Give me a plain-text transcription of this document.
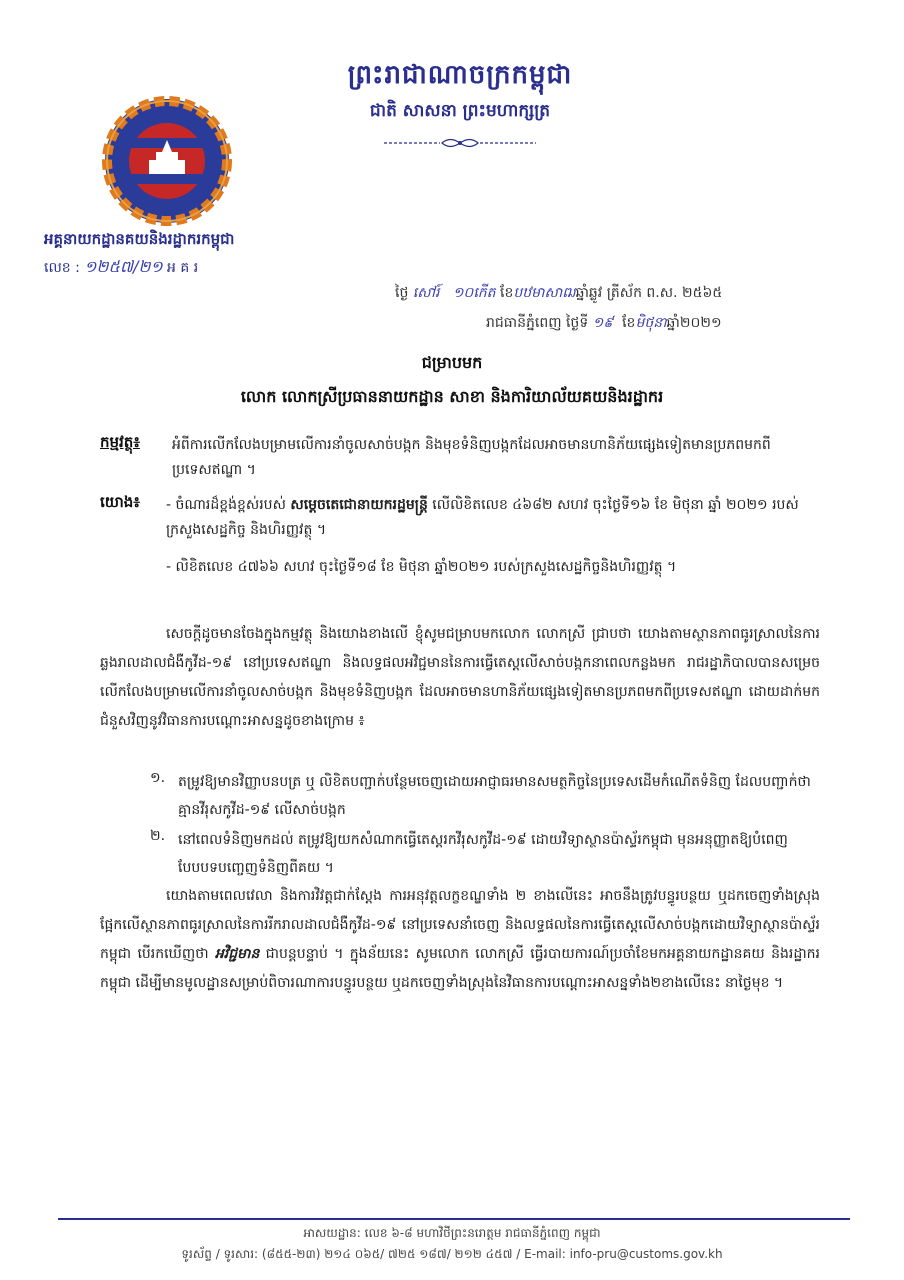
ព្រះរាជាណាចក្រកម្ពុជា
ជាតិ សាសនា ព្រះមហាក្សត្រ
អគ្គនាយកដ្ឋានគយនិងរដ្ឋាករកម្ពុជា
លេខ : ១២៥៧/២១ អ គ រ
ថ្ងៃ សៅរ៍ ១០កើត ខែបឋមាសាឍឆ្នាំឆ្លូវ ត្រីស័ក ព.ស. ២៥៦៥
រាជធានីភ្នំពេញ ថ្ងៃទី ១៩ ខែមិថុនាឆ្នាំ២០២១
ជម្រាបមក
លោក លោកស្រីប្រធាននាយកដ្ឋាន សាខា និងការិយាល័យគយនិងរដ្ឋាករ
កម្មវត្ថុ៖ អំពីការលើកលែងបម្រាមលើការនាំចូលសាច់បង្កក និងមុខទំនិញបង្កកដែលអាចមានហានិភ័យផ្សេងទៀតមានប្រភពមកពីប្រទេសឥណ្ឌា ។
យោង៖ - ចំណារដ៏ខ្ពង់ខ្ពស់របស់ សម្តេចតេជោនាយករដ្ឋមន្ត្រី លើលិខិតលេខ ៤៦៨២ សហវ ចុះថ្ងៃទី១៦ ខែ មិថុនា ឆ្នាំ ២០២១ របស់ក្រសួងសេដ្ឋកិច្ច និងហិរញ្ញវត្ថុ ។
- លិខិតលេខ ៤៧៦៦ សហវ ចុះថ្ងៃទី១៨ ខែ មិថុនា ឆ្នាំ២០២១ របស់ក្រសួងសេដ្ឋកិច្ចនិងហិរញ្ញវត្ថុ ។
សេចក្តីដូចមានចែងក្នុងកម្មវត្ថុ និងយោងខាងលើ ខ្ញុំសូមជម្រាបមកលោក លោកស្រី ជ្រាបថា យោងតាមស្ថានភាពធូរស្រាលនៃការឆ្លងរាលដាលជំងឺកូវីដ-១៩ នៅប្រទេសឥណ្ឌា និងលទ្ធផលអវិជ្ជមាននៃការធ្វើតេស្តលើសាច់បង្កកនាពេលកន្លងមក រាជរដ្ឋាភិបាលបានសម្រេចលើកលែងបម្រាមលើការនាំចូលសាច់បង្កក និងមុខទំនិញបង្កក ដែលអាចមានហានិភ័យផ្សេងទៀតមានប្រភពមកពីប្រទេសឥណ្ឌា ដោយដាក់មកជំនួសវិញនូវវិធានការបណ្តោះអាសន្នដូចខាងក្រោម ៖
១. តម្រូវឱ្យមានវិញ្ញាបនបត្រ ឬ លិខិតបញ្ជាក់បន្ថែមចេញដោយអាជ្ញាធរមានសមត្ថកិច្ចនៃប្រទេសដើមកំណើតទំនិញ ដែលបញ្ជាក់ថា គ្មានវីរុសកូវីដ-១៩ លើសាច់បង្កក
២. នៅពេលទំនិញមកដល់ តម្រូវឱ្យយកសំណាកធ្វើតេស្តរកវីរុសកូវីដ-១៩ ដោយវិទ្យាស្ថានប៉ាស្ទ័រកម្ពុជា មុនអនុញ្ញាតឱ្យបំពេញបែបបទបញ្ចេញទំនិញពីគយ ។
យោងតាមពេលវេលា និងការវិវត្តជាក់ស្តែង ការអនុវត្តលក្ខខណ្ឌទាំង ២ ខាងលើនេះ អាចនឹងត្រូវបន្ធូរបន្ថយ ឬដកចេញទាំងស្រុង ផ្អែកលើស្ថានភាពធូរស្រាលនៃការរីករាលដាលជំងឺកូវីដ-១៩ នៅប្រទេសនាំចេញ និងលទ្ធផលនៃការធ្វើតេស្តលើសាច់បង្កកដោយវិទ្យាស្ថានប៉ាស្ទ័រកម្ពុជា បើរកឃើញថា អវិជ្ជមាន ជាបន្តបន្ទាប់ ។ ក្នុងន័យនេះ សូមលោក លោកស្រី ធ្វើរបាយការណ៍ប្រចាំខែមកអគ្គនាយកដ្ឋានគយ និងរដ្ឋាករកម្ពុជា ដើម្បីមានមូលដ្ឋានសម្រាប់ពិចារណាការបន្ធូរបន្ថយ ឬដកចេញទាំងស្រុងនៃវិធានការបណ្តោះអាសន្នទាំង២ខាងលើនេះ នាថ្ងៃមុខ ។
អាសយដ្ឋាន: លេខ ៦-៨ មហាវិថីព្រះនរោត្តម រាជធានីភ្នំពេញ កម្ពុជា
ទូរស័ព្ទ / ទូរសារ: (៨៥៥-២៣) ២១៤ ០៦៥/ ៧២៥ ១៨៧/ ២១២ ៤៥៧ / E-mail: info-pru@customs.gov.kh
